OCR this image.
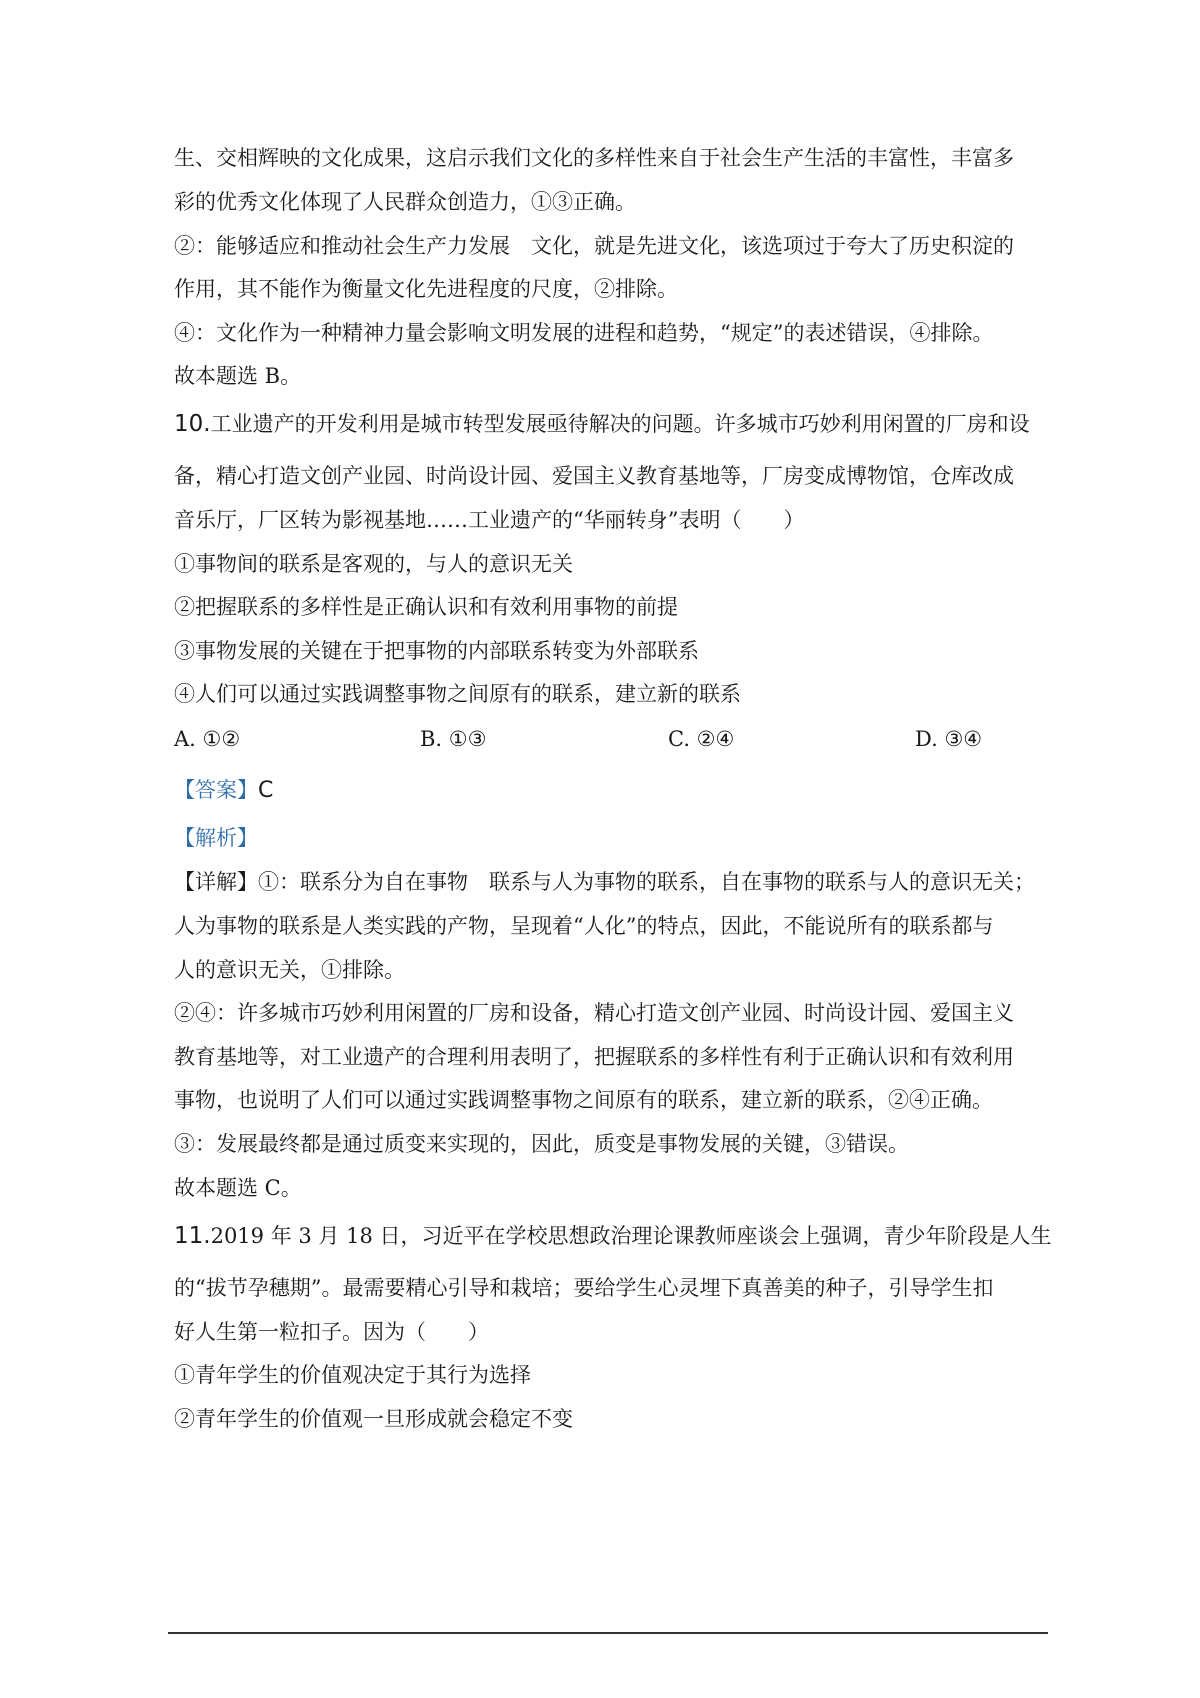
生、交相辉映的文化成果，这启示我们文化的多样性来自于社会生产生活的丰富性，丰富多
彩的优秀文化体现了人民群众创造力，①③正确。
②：能够适应和推动社会生产力发展　文化，就是先进文化，该选项过于夸大了历史积淀的
作用，其不能作为衡量文化先进程度的尺度，②排除。
④：文化作为一种精神力量会影响文明发展的进程和趋势，“规定”的表述错误，④排除。
故本题选 B。
10.工业遗产的开发利用是城市转型发展亟待解决的问题。许多城市巧妙利用闲置的厂房和设
备，精心打造文创产业园、时尚设计园、爱国主义教育基地等，厂房变成博物馆，仓库改成
音乐厅，厂区转为影视基地……工业遗产的“华丽转身”表明（　　）
①事物间的联系是客观的，与人的意识无关
②把握联系的多样性是正确认识和有效利用事物的前提
③事物发展的关键在于把事物的内部联系转变为外部联系
④人们可以通过实践调整事物之间原有的联系，建立新的联系
A. ①②	B. ①③	C. ②④	D. ③④
【答案】C
【解析】
【详解】①：联系分为自在事物　联系与人为事物的联系，自在事物的联系与人的意识无关；
人为事物的联系是人类实践的产物，呈现着“人化”的特点，因此，不能说所有的联系都与
人的意识无关，①排除。
②④：许多城市巧妙利用闲置的厂房和设备，精心打造文创产业园、时尚设计园、爱国主义
教育基地等，对工业遗产的合理利用表明了，把握联系的多样性有利于正确认识和有效利用
事物，也说明了人们可以通过实践调整事物之间原有的联系，建立新的联系，②④正确。
③：发展最终都是通过质变来实现的，因此，质变是事物发展的关键，③错误。
故本题选 C。
11.2019 年 3 月 18 日，习近平在学校思想政治理论课教师座谈会上强调，青少年阶段是人生
的“拔节孕穗期”。最需要精心引导和栽培；要给学生心灵埋下真善美的种子，引导学生扣
好人生第一粒扣子。因为（　　）
①青年学生的价值观决定于其行为选择
②青年学生的价值观一旦形成就会稳定不变
